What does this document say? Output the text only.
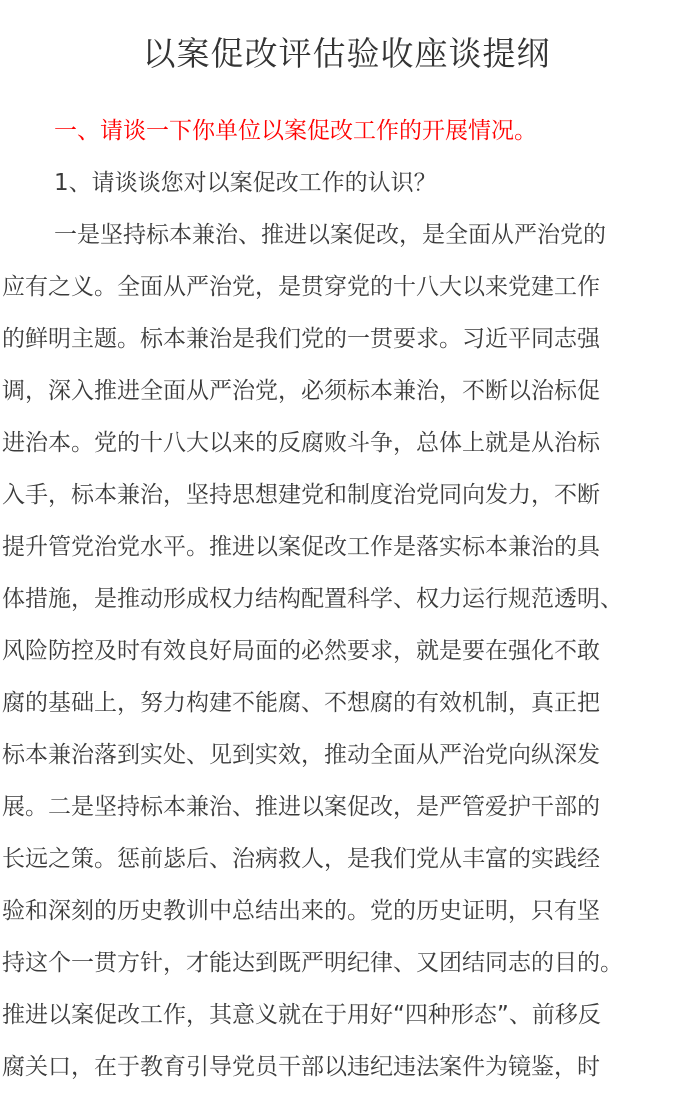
以案促改评估验收座谈提纲
一、请谈一下你单位以案促改工作的开展情况。
1、请谈谈您对以案促改工作的认识？
一是坚持标本兼治、推进以案促改，是全面从严治党的
应有之义。全面从严治党，是贯穿党的十八大以来党建工作
的鲜明主题。标本兼治是我们党的一贯要求。习近平同志强
调，深入推进全面从严治党，必须标本兼治，不断以治标促
进治本。党的十八大以来的反腐败斗争，总体上就是从治标
入手，标本兼治，坚持思想建党和制度治党同向发力，不断
提升管党治党水平。推进以案促改工作是落实标本兼治的具
体措施，是推动形成权力结构配置科学、权力运行规范透明、
风险防控及时有效良好局面的必然要求，就是要在强化不敢
腐的基础上，努力构建不能腐、不想腐的有效机制，真正把
标本兼治落到实处、见到实效，推动全面从严治党向纵深发
展。二是坚持标本兼治、推进以案促改，是严管爱护干部的
长远之策。惩前毖后、治病救人，是我们党从丰富的实践经
验和深刻的历史教训中总结出来的。党的历史证明，只有坚
持这个一贯方针，才能达到既严明纪律、又团结同志的目的。
推进以案促改工作，其意义就在于用好“四种形态”、前移反
腐关口，在于教育引导党员干部以违纪违法案件为镜鉴，时
